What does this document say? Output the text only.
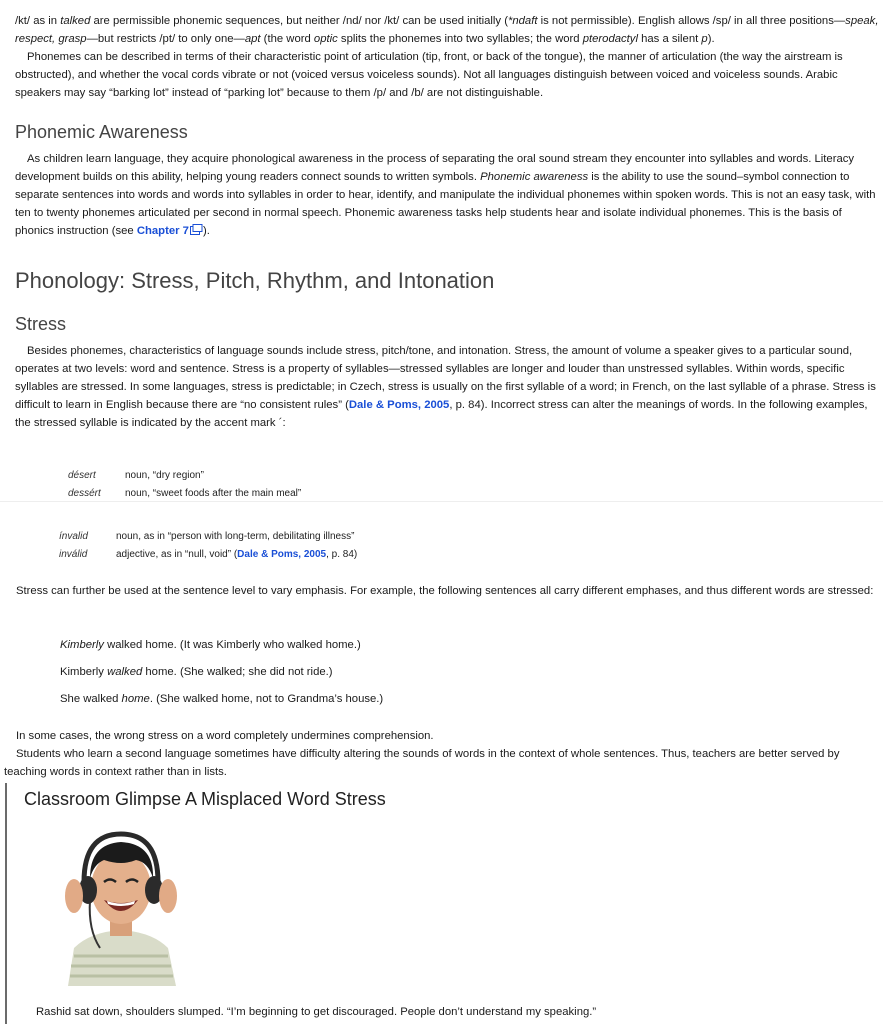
/kt/ as in talked are permissible phonemic sequences, but neither /nd/ nor /kt/ can be used initially (*ndaft is not permissible). English allows /sp/ in all three positions—speak, respect, grasp—but restricts /pt/ to only one—apt (the word optic splits the phonemes into two syllables; the word pterodactyl has a silent p).

Phonemes can be described in terms of their characteristic point of articulation (tip, front, or back of the tongue), the manner of articulation (the way the airstream is obstructed), and whether the vocal cords vibrate or not (voiced versus voiceless sounds). Not all languages distinguish between voiced and voiceless sounds. Arabic speakers may say “barking lot” instead of “parking lot” because to them /p/ and /b/ are not distinguishable.

Phonemic Awareness

As children learn language, they acquire phonological awareness in the process of separating the oral sound stream they encounter into syllables and words. Literacy development builds on this ability, helping young readers connect sounds to written symbols. Phonemic awareness is the ability to use the sound–symbol connection to separate sentences into words and words into syllables in order to hear, identify, and manipulate the individual phonemes within spoken words. This is not an easy task, with ten to twenty phonemes articulated per second in normal speech. Phonemic awareness tasks help students hear and isolate individual phonemes. This is the basis of phonics instruction (see Chapter 7 ).

Phonology: Stress, Pitch, Rhythm, and Intonation
Stress

Besides phonemes, characteristics of language sounds include stress, pitch/tone, and intonation. Stress, the amount of volume a speaker gives to a particular sound, operates at two levels: word and sentence. Stress is a property of syllables—stressed syllables are longer and louder than unstressed syllables. Within words, specific syllables are stressed. In some languages, stress is predictable; in Czech, stress is usually on the first syllable of a word; in French, on the last syllable of a phrase. Stress is difficult to learn in English because there are “no consistent rules” (Dale & Poms, 2005, p. 84). Incorrect stress can alter the meanings of words. In the following examples, the stressed syllable is indicated by the accent mark ´:

désert	noun, “dry region”
dessért noun, “sweet foods after the main meal”
ínvalid	noun, as in “person with long-term, debilitating illness”
inválid	adjective, as in “null, void” (Dale & Poms, 2005, p. 84)

Stress can further be used at the sentence level to vary emphasis. For example, the following sentences all carry different emphases, and thus different words are stressed:

Kimberly walked home. (It was Kimberly who walked home.)
Kimberly walked home. (She walked; she did not ride.)
She walked home. (She walked home, not to Grandma’s house.)

In some cases, the wrong stress on a word completely undermines comprehension.

Students who learn a second language sometimes have difficulty altering the sounds of words in the context of whole sentences. Thus, teachers are better served by teaching words in context rather than in lists.

Classroom Glimpse A Misplaced Word Stress
Rashid sat down, shoulders slumped. “I’m beginning to get discouraged. People don’t understand my speaking.”
